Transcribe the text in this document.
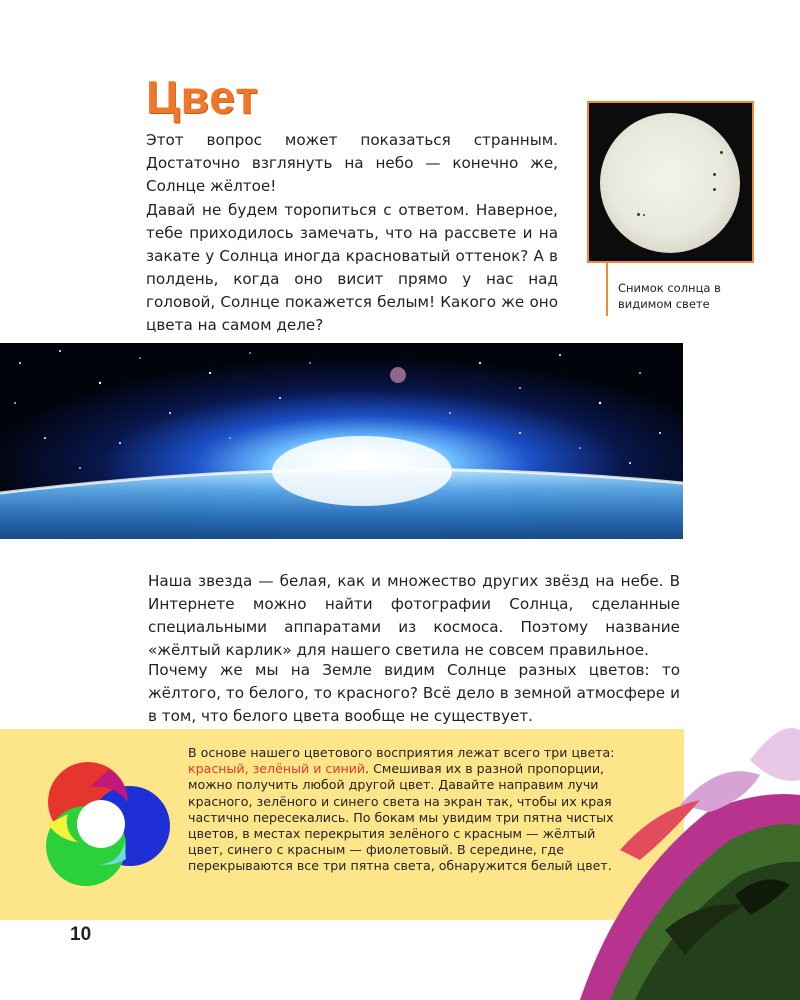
Цвет

Этот вопрос может показаться странным. Достаточно взглянуть на небо — конечно же, Солнце жёлтое!

Давай не будем торопиться с ответом. Наверное, тебе приходилось замечать, что на рассвете и на закате у Солнца иногда красноватый оттенок? А в полдень, когда оно висит прямо у нас над головой, Солнце покажется белым! Какого же оно цвета на самом деле?

Снимок солнца в видимом свете

Наша звезда — белая, как и множество других звёзд на небе. В Интернете можно найти фотографии Солнца, сделанные специальными аппаратами из космоса. Поэтому название «жёлтый карлик» для нашего светила не совсем правильное.

Почему же мы на Земле видим Солнце разных цветов: то жёлтого, то белого, то красного? Всё дело в земной атмосфере и в том, что белого цвета вообще не существует.

В основе нашего цветового восприятия лежат всего три цвета: красный, зелёный и синий. Смешивая их в разной пропорции, можно получить любой другой цвет. Давайте направим лучи красного, зелёного и синего света на экран так, чтобы их края частично пересекались. По бокам мы увидим три пятна чистых цветов, в местах перекрытия зелёного с красным — жёлтый цвет, синего с красным — фиолетовый. В середине, где перекрываются все три пятна света, обнаружится белый цвет.

10
